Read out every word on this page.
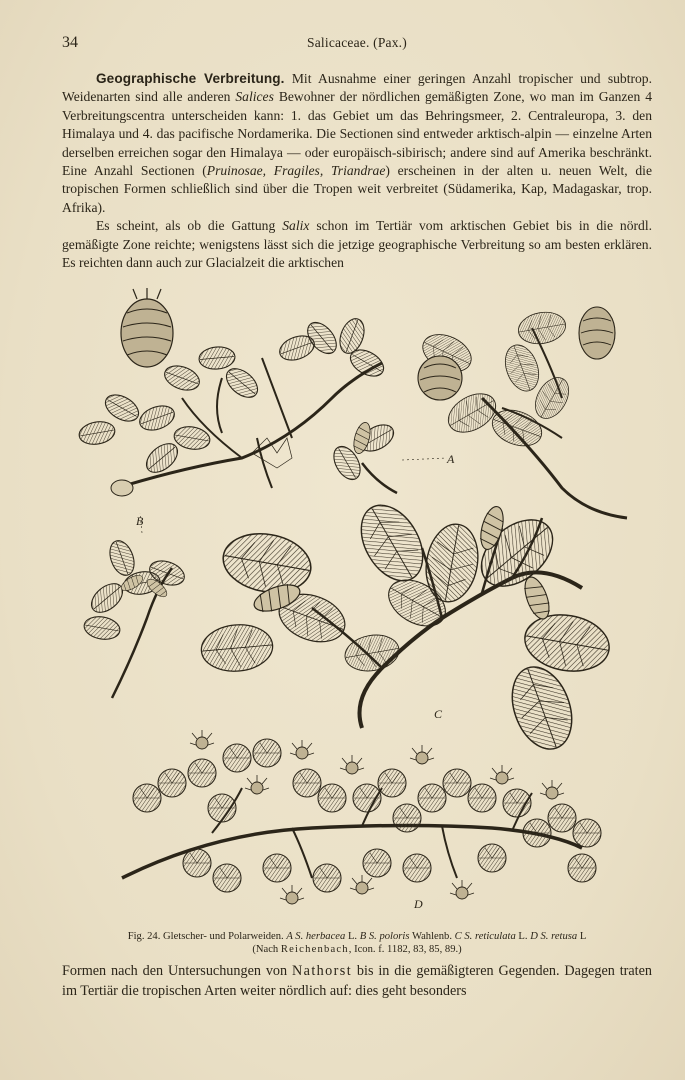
34	Salicaceae. (Pax.)

Geographische Verbreitung. Mit Ausnahme einer geringen Anzahl tropischer und subtrop. Weidenarten sind alle anderen Salices Bewohner der nördlichen gemäßigten Zone, wo man im Ganzen 4 Verbreitungscentra unterscheiden kann: 1. das Gebiet um das Behringsmeer, 2. Centraleuropa, 3. den Himalaya und 4. das pacifische Nordamerika. Die Sectionen sind entweder arktisch-alpin — einzelne Arten derselben erreichen sogar den Himalaya — oder europäisch-sibirisch; andere sind auf Amerika beschränkt. Eine Anzahl Sectionen (Pruinosae, Fragiles, Triandrae) erscheinen in der alten u. neuen Welt, die tropischen Formen schließlich sind über die Tropen weit verbreitet (Südamerika, Kap, Madagaskar, trop. Afrika).

Es scheint, als ob die Gattung Salix schon im Tertiär vom arktischen Gebiet bis in die nördl. gemäßigte Zone reichte; wenigstens lässt sich die jetzige geographische Verbreitung so am besten erklären. Es reichten dann auch zur Glacialzeit die arktischen

A
B
C
D
Fig. 24. Gletscher- und Polarweiden. A S. herbacea L. B S. poloris Wahlenb. C S. reticulata L. D S. retusa L
(Nach Reichenbach, Icon. f. 1182, 83, 85, 89.)

Formen nach den Untersuchungen von Nathorst bis in die gemäßigteren Gegenden. Dagegen traten im Tertiär die tropischen Arten weiter nördlich auf: dies geht besonders
